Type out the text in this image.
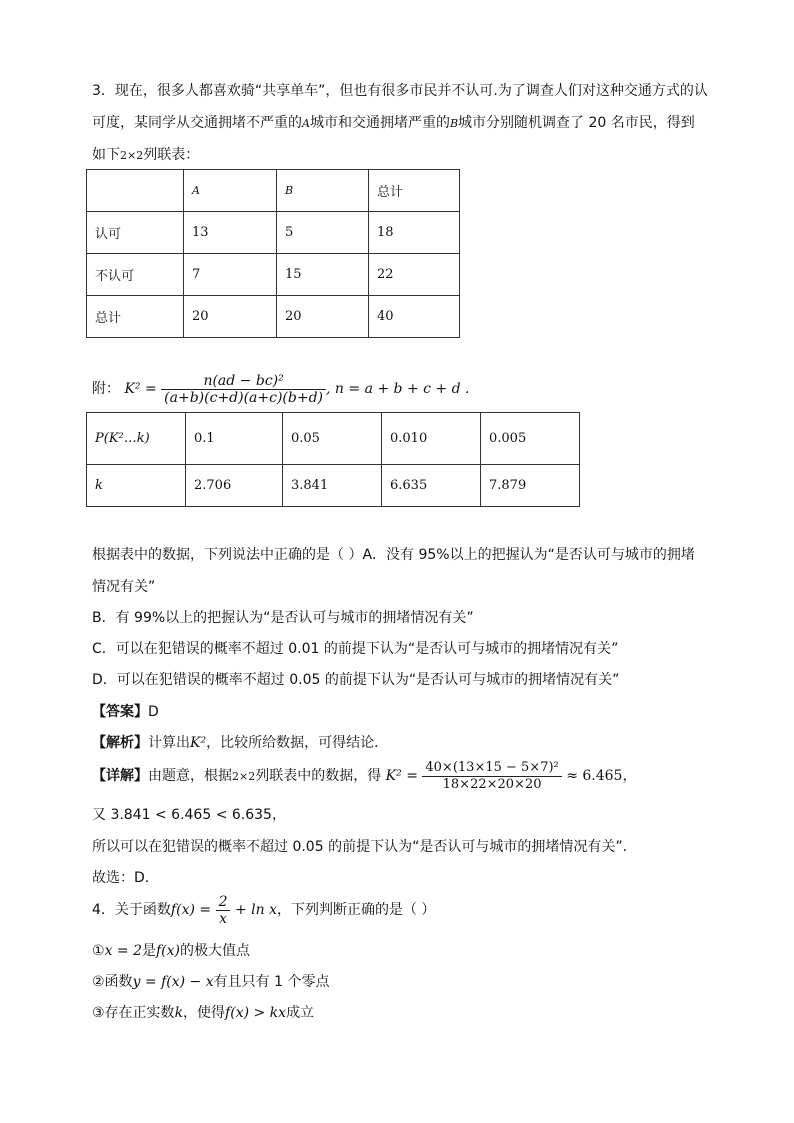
3．现在，很多人都喜欢骑“共享单车”，但也有很多市民并不认可.为了调查人们对这种交通方式的认
可度，某同学从交通拥堵不严重的A城市和交通拥堵严重的B城市分别随机调查了 20 名市民，得到
如下2×2列联表：
	A	B	总计
认可	13	5	18
不认可	7	15	22
总计	20	20	40
附： $K^2 = \frac{\text{n(ad − bc)²}}{(a+b)(c+d)(a+c)(b+d)}$ , n = a + b + c + d .
P(K²…k)	0.1	0.05	0.010	0.005
k	2.706	3.841	6.635	7.879
根据表中的数据，下列说法中正确的是（ ）A．没有 95%以上的把握认为“是否认可与城市的拥堵
情况有关”
B．有 99%以上的把握认为“是否认可与城市的拥堵情况有关”
C．可以在犯错误的概率不超过 0.01 的前提下认为“是否认可与城市的拥堵情况有关”
D．可以在犯错误的概率不超过 0.05 的前提下认为“是否认可与城市的拥堵情况有关”
【答案】D
【解析】计算出K²，比较所给数据，可得结论．
【详解】由题意，根据2×2列联表中的数据，得 $K^2 = \frac{\text{40×(13×15 − 5×7)²}}{18\times 22\times 20\times 20} \approx 6.465$，
又 3.841 < 6.465 < 6.635，
所以可以在犯错误的概率不超过 0.05 的前提下认为“是否认可与城市的拥堵情况有关”.
故选：D.
4．关于函数$f(x) = \frac{2}{x} + \ln x$，下列判断正确的是（ ）
①x = 2是f(x)的极大值点
②函数y = f(x) − x有且只有 1 个零点
③存在正实数k，使得f(x) > kx成立
